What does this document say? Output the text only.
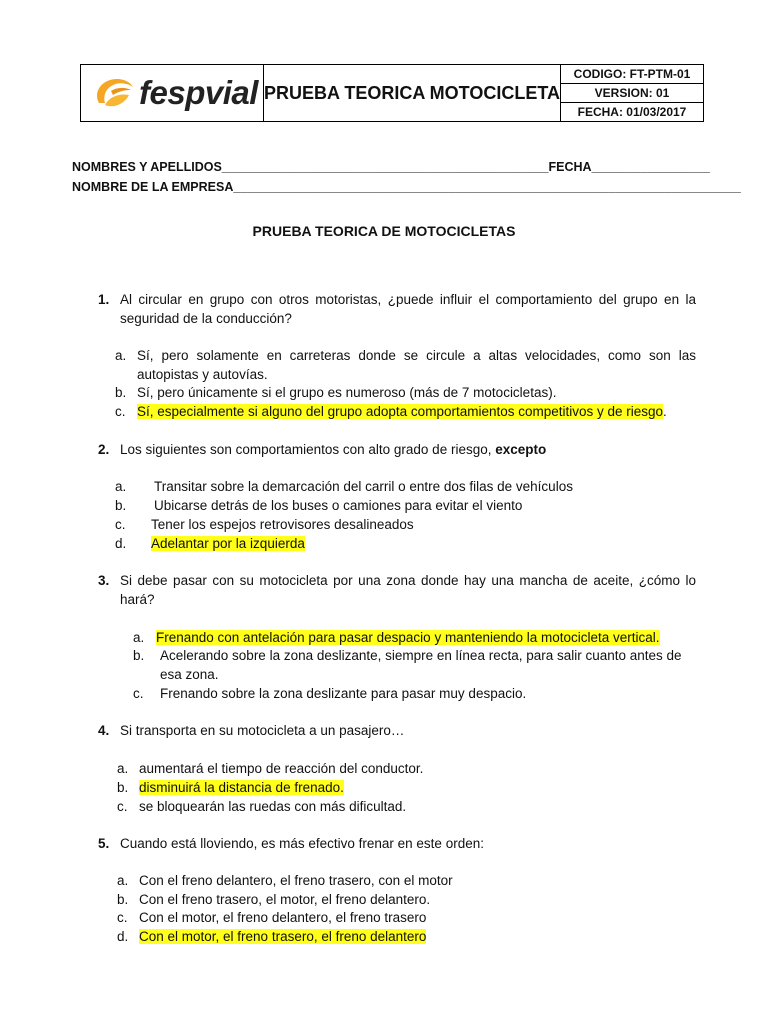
fespvial PRUEBA TEORICA MOTOCICLETA
CODIGO: FT-PTM-01
VERSION: 01
FECHA: 01/03/2017
NOMBRES Y APELLIDOS_______________________________________________FECHA_________________
NOMBRE DE LA EMPRESA_________________________________________________________________________
PRUEBA TEORICA DE MOTOCICLETAS
1. Al circular en grupo con otros motoristas, ¿puede influir el comportamiento del grupo en la seguridad de la conducción?
a. Sí, pero solamente en carreteras donde se circule a altas velocidades, como son las autopistas y autovías.
b. Sí, pero únicamente si el grupo es numeroso (más de 7 motocicletas).
c. Sí, especialmente si alguno del grupo adopta comportamientos competitivos y de riesgo.
2. Los siguientes son comportamientos con alto grado de riesgo, excepto
a. Transitar sobre la demarcación del carril o entre dos filas de vehículos
b. Ubicarse detrás de los buses o camiones para evitar el viento
c. Tener los espejos retrovisores desalineados
d. Adelantar por la izquierda
3. Si debe pasar con su motocicleta por una zona donde hay una mancha de aceite, ¿cómo lo hará?
a. Frenando con antelación para pasar despacio y manteniendo la motocicleta vertical.
b. Acelerando sobre la zona deslizante, siempre en línea recta, para salir cuanto antes de esa zona.
c. Frenando sobre la zona deslizante para pasar muy despacio.
4. Si transporta en su motocicleta a un pasajero…
a. aumentará el tiempo de reacción del conductor.
b. disminuirá la distancia de frenado.
c. se bloquearán las ruedas con más dificultad.
5. Cuando está lloviendo, es más efectivo frenar en este orden:
a. Con el freno delantero, el freno trasero, con el motor
b. Con el freno trasero, el motor, el freno delantero.
c. Con el motor, el freno delantero, el freno trasero
d. Con el motor, el freno trasero, el freno delantero
